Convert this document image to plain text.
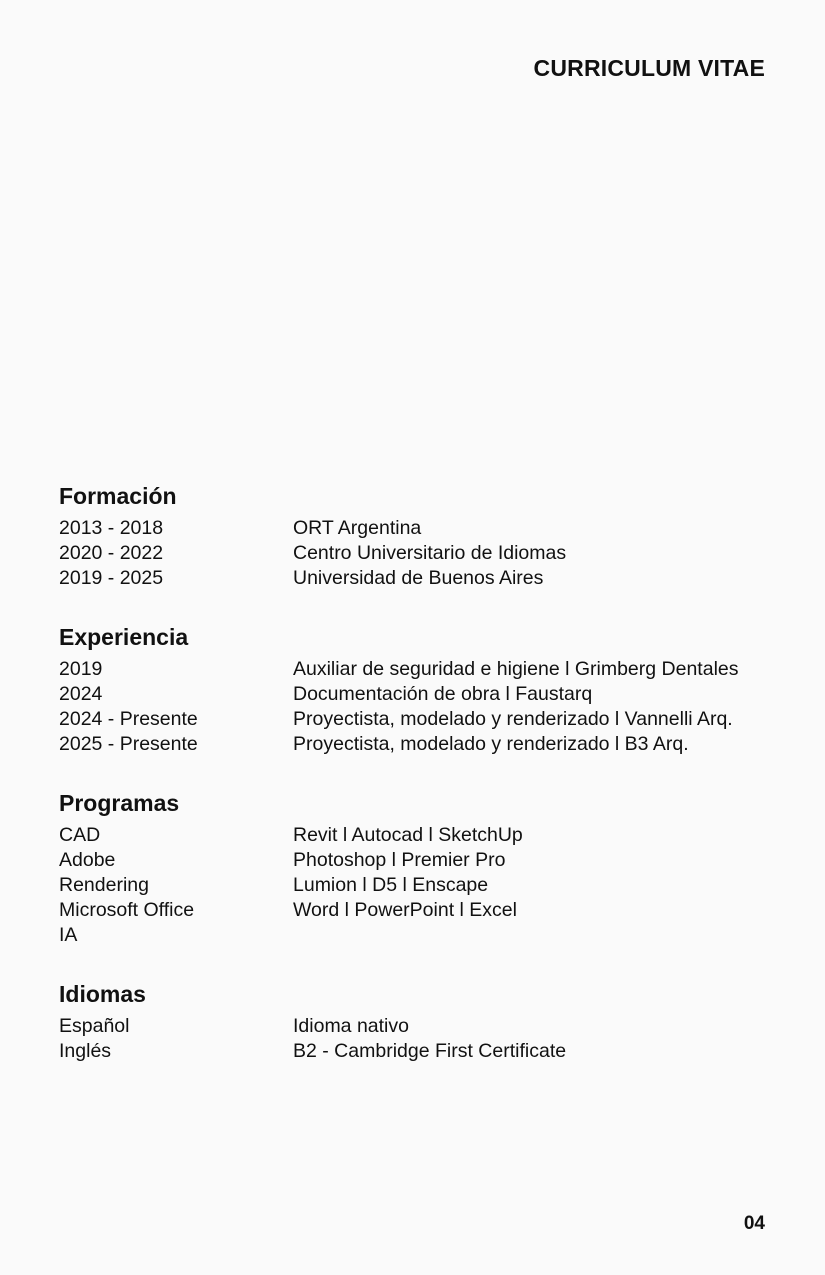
CURRICULUM VITAE
Formación
2013 - 2018	ORT Argentina
2020 - 2022	Centro Universitario de Idiomas
2019 - 2025	Universidad de Buenos Aires
Experiencia
2019	Auxiliar de seguridad e higiene l Grimberg Dentales
2024	Documentación de obra l Faustarq
2024 - Presente	Proyectista, modelado y renderizado l Vannelli Arq.
2025 - Presente	Proyectista, modelado y renderizado l B3 Arq.
Programas
CAD	Revit l Autocad l SketchUp
Adobe	Photoshop l Premier Pro
Rendering	Lumion l D5 l Enscape
Microsoft Office	Word l PowerPoint l Excel
IA
Idiomas
Español	Idioma nativo
Inglés	B2 - Cambridge First Certificate
04
